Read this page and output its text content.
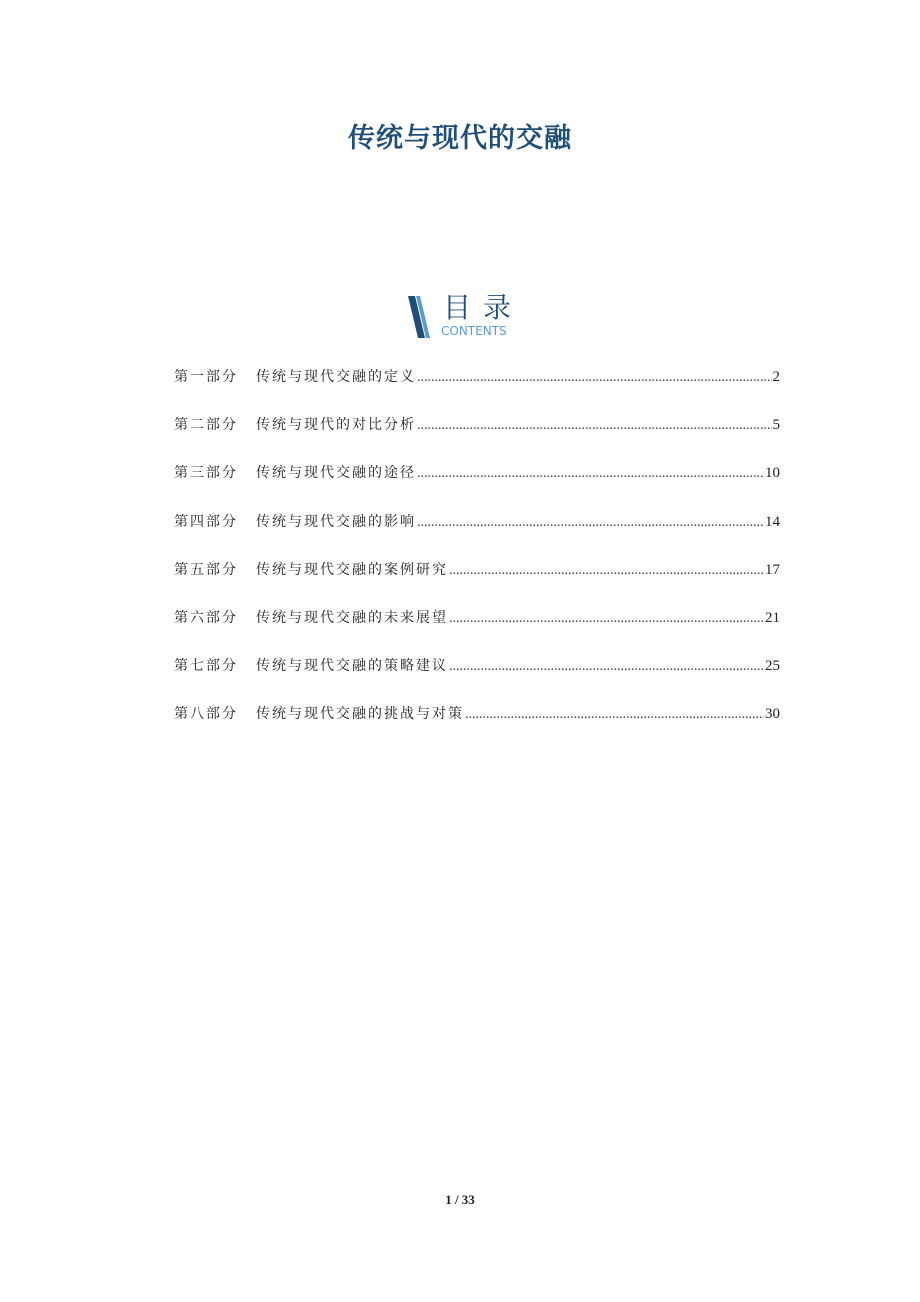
传统与现代的交融
目录
CONTENTS
第一部分 传统与现代交融的定义 .....	2
第二部分 传统与现代的对比分析 .....	5
第三部分 传统与现代交融的途径 .....	10
第四部分 传统与现代交融的影响 .....	14
第五部分 传统与现代交融的案例研究 .....	17
第六部分 传统与现代交融的未来展望 .....	21
第七部分 传统与现代交融的策略建议 .....	25
第八部分 传统与现代交融的挑战与对策 .....	30
1 / 33
